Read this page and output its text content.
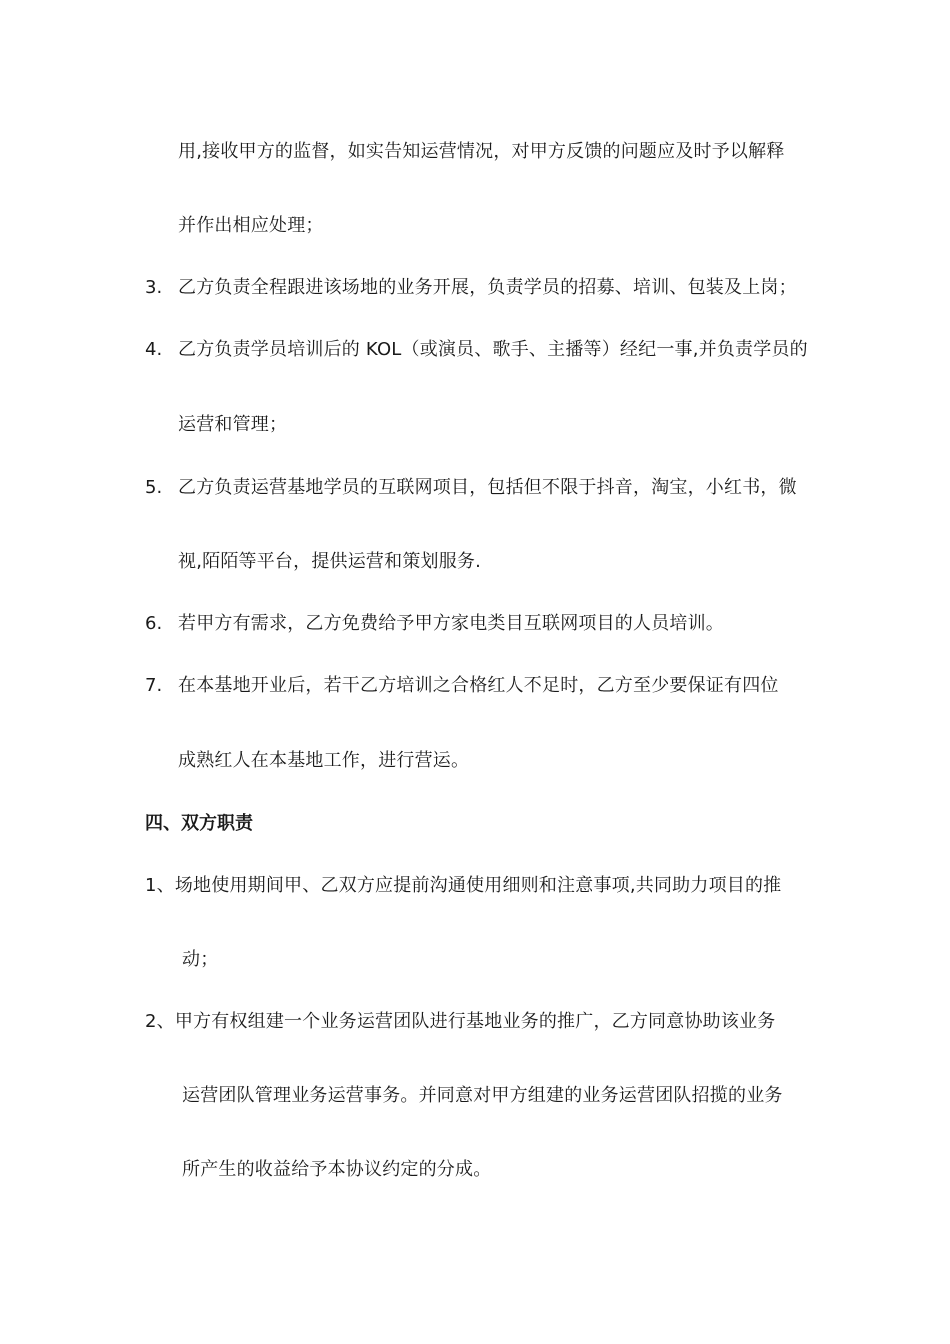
用,接收甲方的监督，如实告知运营情况，对甲方反馈的问题应及时予以解释
并作出相应处理；
3. 乙方负责全程跟进该场地的业务开展，负责学员的招募、培训、包装及上岗；
4. 乙方负责学员培训后的 KOL（或演员、歌手、主播等）经纪一事,并负责学员的
运营和管理；
5. 乙方负责运营基地学员的互联网项目，包括但不限于抖音，淘宝，小红书，微
视,陌陌等平台，提供运营和策划服务.
6. 若甲方有需求，乙方免费给予甲方家电类目互联网项目的人员培训。
7. 在本基地开业后，若干乙方培训之合格红人不足时，乙方至少要保证有四位
成熟红人在本基地工作，进行营运。
四、双方职责
1、场地使用期间甲、乙双方应提前沟通使用细则和注意事项,共同助力项目的推
动；
2、甲方有权组建一个业务运营团队进行基地业务的推广，乙方同意协助该业务
运营团队管理业务运营事务。并同意对甲方组建的业务运营团队招揽的业务
所产生的收益给予本协议约定的分成。
